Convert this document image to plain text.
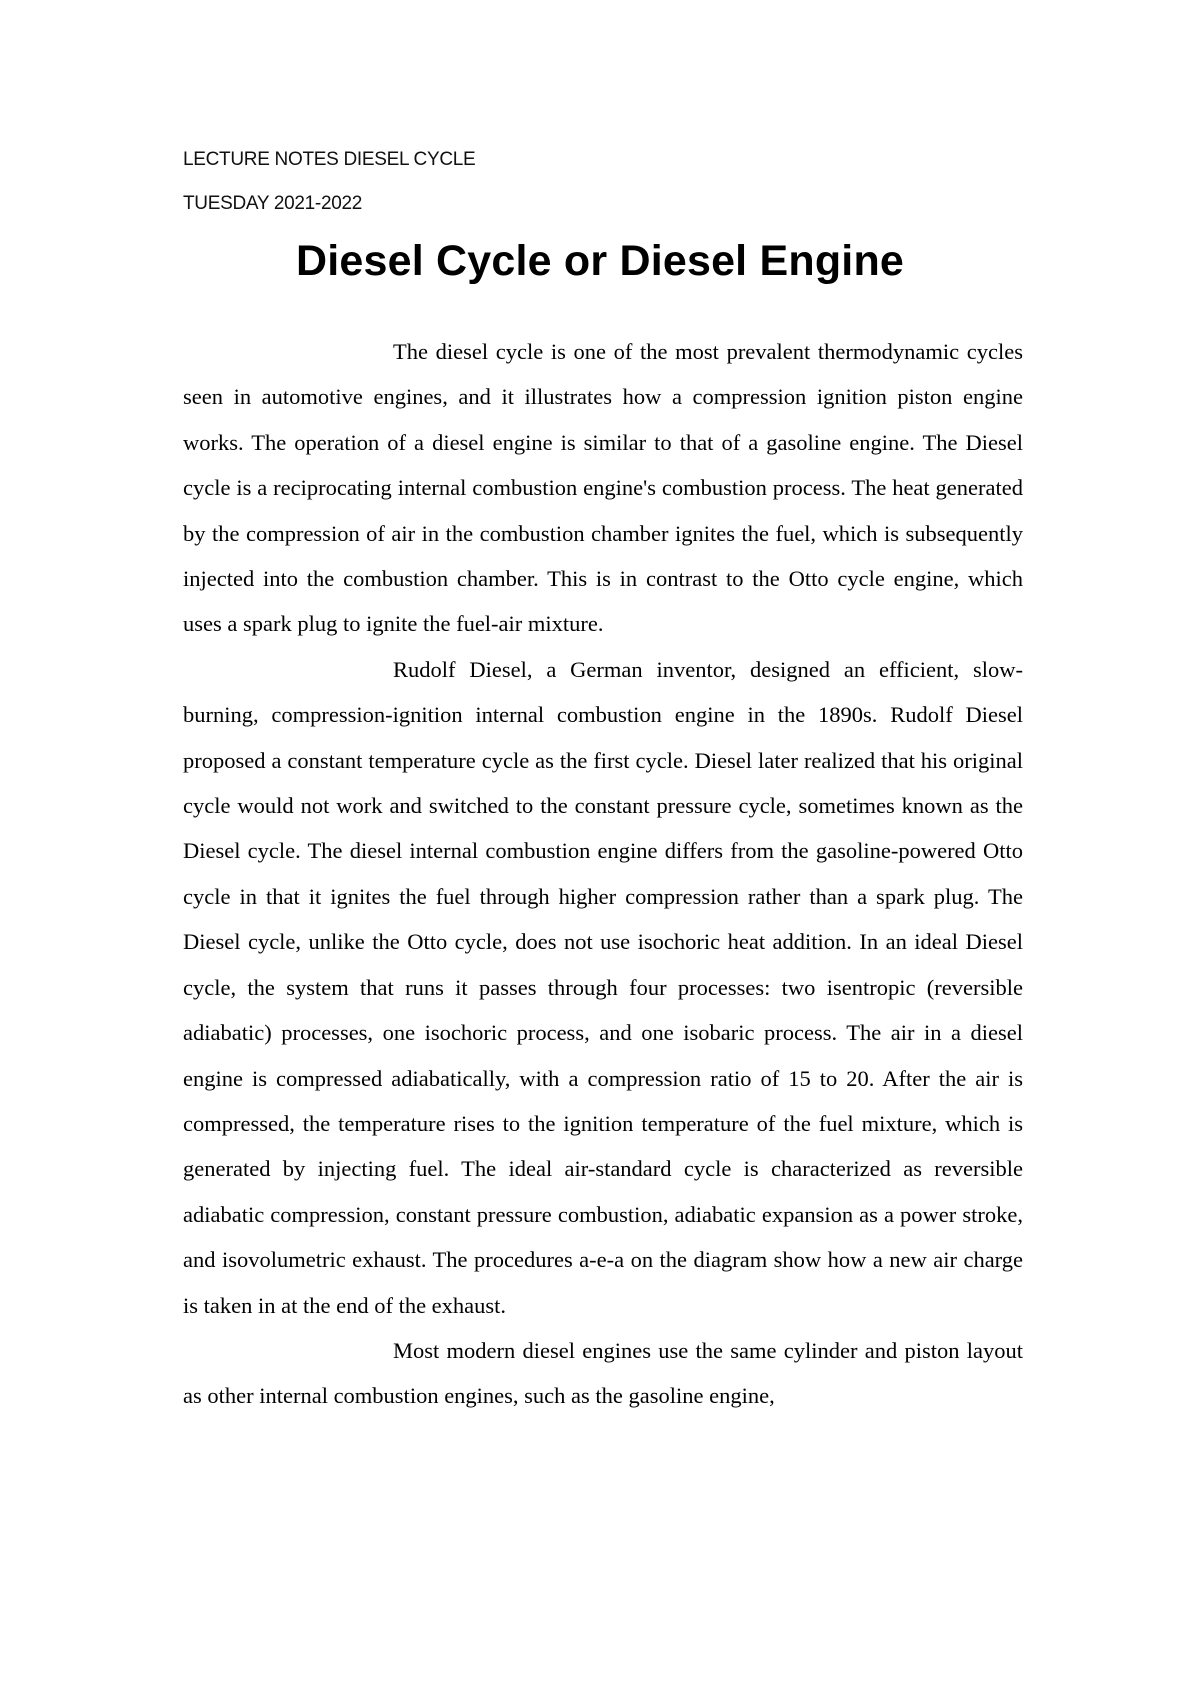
LECTURE NOTES DIESEL CYCLE
TUESDAY 2021-2022
Diesel Cycle or Diesel Engine

The diesel cycle is one of the most prevalent thermodynamic cycles seen in automotive engines, and it illustrates how a compression ignition piston engine works. The operation of a diesel engine is similar to that of a gasoline engine. The Diesel cycle is a reciprocating internal combustion engine's combustion process. The heat generated by the compression of air in the combustion chamber ignites the fuel, which is subsequently injected into the combustion chamber. This is in contrast to the Otto cycle engine, which uses a spark plug to ignite the fuel-air mixture.

Rudolf Diesel, a German inventor, designed an efficient, slow-burning, compression-ignition internal combustion engine in the 1890s. Rudolf Diesel proposed a constant temperature cycle as the first cycle. Diesel later realized that his original cycle would not work and switched to the constant pressure cycle, sometimes known as the Diesel cycle. The diesel internal combustion engine differs from the gasoline-powered Otto cycle in that it ignites the fuel through higher compression rather than a spark plug. The Diesel cycle, unlike the Otto cycle, does not use isochoric heat addition. In an ideal Diesel cycle, the system that runs it passes through four processes: two isentropic (reversible adiabatic) processes, one isochoric process, and one isobaric process. The air in a diesel engine is compressed adiabatically, with a compression ratio of 15 to 20. After the air is compressed, the temperature rises to the ignition temperature of the fuel mixture, which is generated by injecting fuel. The ideal air-standard cycle is characterized as reversible adiabatic compression, constant pressure combustion, adiabatic expansion as a power stroke, and isovolumetric exhaust. The procedures a-e-a on the diagram show how a new air charge is taken in at the end of the exhaust.

Most modern diesel engines use the same cylinder and piston layout as other internal combustion engines, such as the gasoline engine,
